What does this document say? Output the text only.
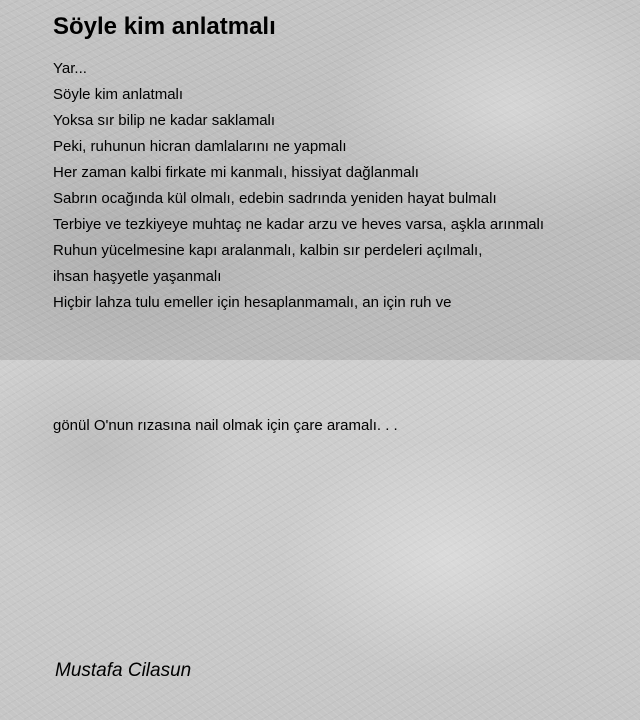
Söyle kim anlatmalı
Yar...
Söyle kim anlatmalı
Yoksa sır bilip ne kadar saklamalı
Peki, ruhunun hicran damlalarını ne yapmalı
Her zaman kalbi firkate mi kanmalı, hissiyat dağlanmalı
Sabrın ocağında kül olmalı, edebin sadrında yeniden hayat bulmalı
Terbiye ve tezkiyeye muhtaç ne kadar arzu ve heves varsa, aşkla arınmalı
Ruhun yücelmesine kapı aralanmalı, kalbin sır perdeleri açılmalı,
ihsan haşyetle yaşanmalı
Hiçbir lahza tulu emeller için hesaplanmamalı, an için ruh ve

gönül O'nun rızasına nail olmak için çare aramalı. . .

Mustafa Cilasun
